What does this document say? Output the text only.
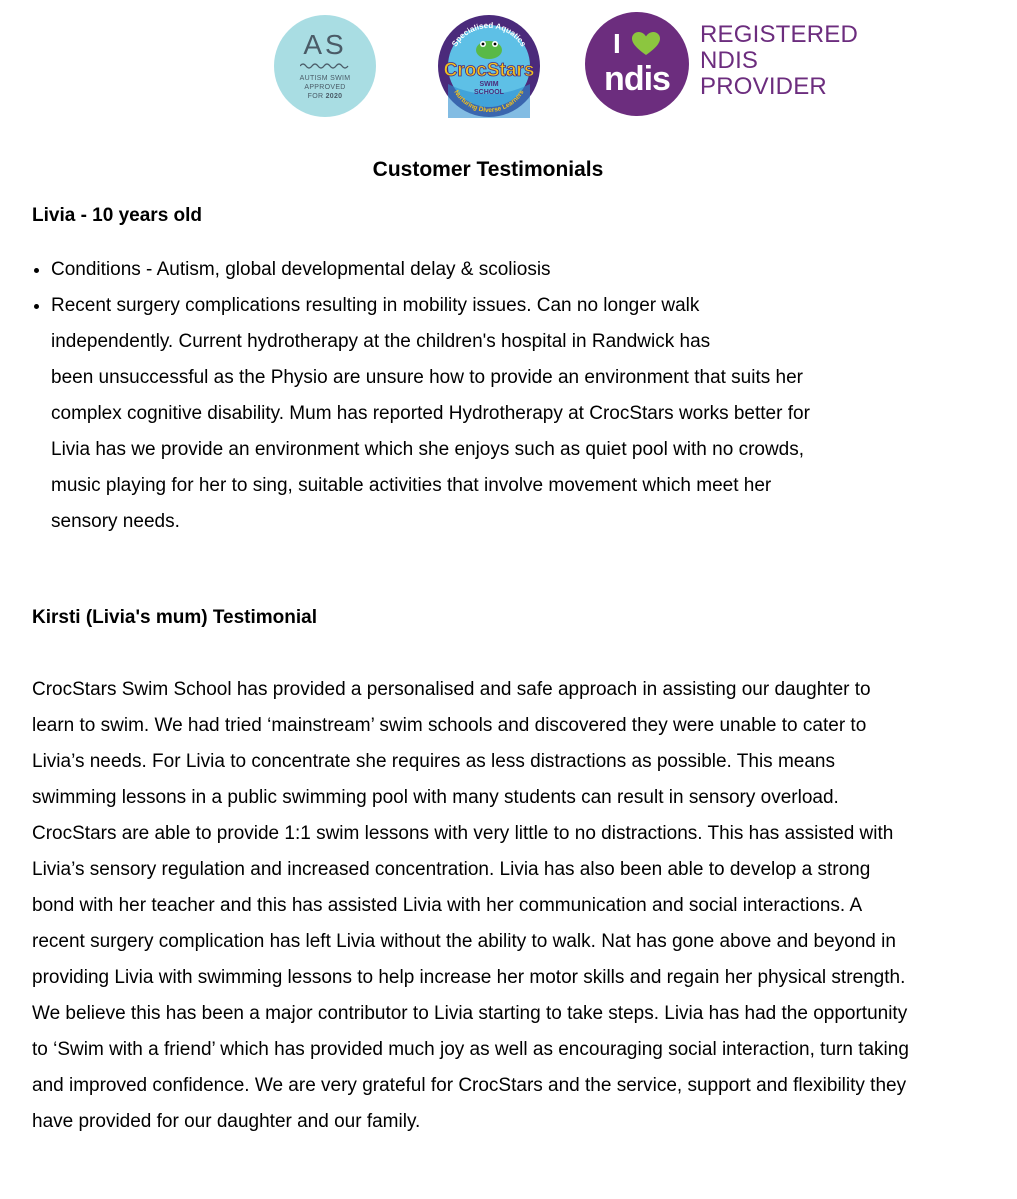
AS
AUTISM SWIM
APPROVED
FOR 2020
Specialised Aquatics
CrocStars
SWIM
SCHOOL
Nurturing Diverse Learners
I
ndis
REGISTERED
NDIS
PROVIDER
Customer Testimonials
Livia - 10 years old
• Conditions - Autism, global developmental delay & scoliosis
• Recent surgery complications resulting in mobility issues. Can no longer walk
independently. Current hydrotherapy at the children's hospital in Randwick has
been unsuccessful as the Physio are unsure how to provide an environment that suits her
complex cognitive disability. Mum has reported Hydrotherapy at CrocStars works better for
Livia has we provide an environment which she enjoys such as quiet pool with no crowds,
music playing for her to sing, suitable activities that involve movement which meet her
sensory needs.
Kirsti (Livia's mum) Testimonial
CrocStars Swim School has provided a personalised and safe approach in assisting our daughter to
learn to swim. We had tried ‘mainstream’ swim schools and discovered they were unable to cater to
Livia’s needs. For Livia to concentrate she requires as less distractions as possible. This means
swimming lessons in a public swimming pool with many students can result in sensory overload.
CrocStars are able to provide 1:1 swim lessons with very little to no distractions. This has assisted with
Livia’s sensory regulation and increased concentration. Livia has also been able to develop a strong
bond with her teacher and this has assisted Livia with her communication and social interactions. A
recent surgery complication has left Livia without the ability to walk. Nat has gone above and beyond in
providing Livia with swimming lessons to help increase her motor skills and regain her physical strength.
We believe this has been a major contributor to Livia starting to take steps. Livia has had the opportunity
to ‘Swim with a friend’ which has provided much joy as well as encouraging social interaction, turn taking
and improved confidence. We are very grateful for CrocStars and the service, support and flexibility they
have provided for our daughter and our family.
